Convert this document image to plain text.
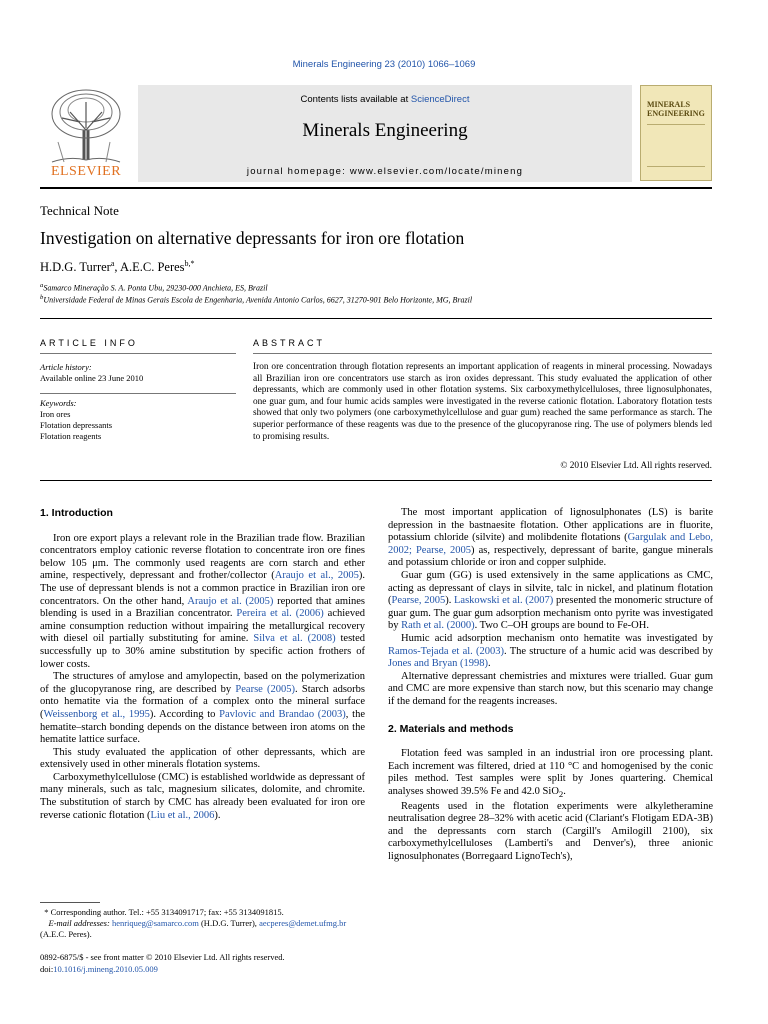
Minerals Engineering 23 (2010) 1066–1069
ELSEVIER
Contents lists available at ScienceDirect
Minerals Engineering
journal homepage: www.elsevier.com/locate/mineng
MINERALS
ENGINEERING
Technical Note
Investigation on alternative depressants for iron ore flotation
H.D.G. Turrer$^a$, A.E.C. Peres$^{b,*}$
$^a$Samarco Mineração S. A. Ponta Ubu, 29230-000 Anchieta, ES, Brazil
$^b$Universidade Federal de Minas Gerais Escola de Engenharia, Avenida Antonio Carlos, 6627, 31270-901 Belo Horizonte, MG, Brazil
ARTICLE INFO
Article history:
Available online 23 June 2010
Keywords:
Iron ores
Flotation depressants
Flotation reagents
ABSTRACT
Iron ore concentration through flotation represents an important application of reagents in mineral processing. Nowadays all Brazilian iron ore concentrators use starch as iron oxides depressant. This study evaluated the application of other depressants, which are commonly used in other flotation systems. Six carboxymethylcelluloses, three lignosulphonates, one guar gum, and four humic acids samples were investigated in the reverse cationic flotation. Laboratory flotation tests showed that only two polymers (one carboxymethylcellulose and guar gum) reached the same performance as starch. The superior performance of these reagents was due to the presence of the glucopyranose ring. The use of polymers blends led to promising results.
© 2010 Elsevier Ltd. All rights reserved.
1. Introduction

Iron ore export plays a relevant role in the Brazilian trade flow. Brazilian concentrators employ cationic reverse flotation to concentrate iron ore fines below 105 μm. The commonly used reagents are corn starch and ether amine, respectively, depressant and frother/collector (Araujo et al., 2005). The use of depressant blends is not a common practice in Brazilian iron ore concentrators. On the other hand, Araujo et al. (2005) reported that amines blending is used in a Brazilian concentrator. Pereira et al. (2006) achieved amine consumption reduction without impairing the metallurgical recovery with diesel oil partially substituting for amine. Silva et al. (2008) tested successfully up to 30% amine substitution by specific action frothers of lower costs.

The structures of amylose and amylopectin, based on the polymerization of the glucopyranose ring, are described by Pearse (2005). Starch adsorbs onto hematite via the formation of a complex onto the mineral surface (Weissenborg et al., 1995). According to Pavlovic and Brandao (2003), the hematite–starch bonding depends on the distance between iron atoms on the hematite lattice surface.

This study evaluated the application of other depressants, which are extensively used in other minerals flotation systems.

Carboxymethylcellulose (CMC) is established worldwide as depressant of many minerals, such as talc, magnesium silicates, dolomite, and chromite. The substitution of starch by CMC has already been evaluated for iron ore reverse cationic flotation (Liu et al., 2006).

* Corresponding author. Tel.: +55 3134091717; fax: +55 3134091815.
E-mail addresses: henriqueg@samarco.com (H.D.G. Turrer), aecperes@demet.ufmg.br (A.E.C. Peres).
0892-6875/$ - see front matter © 2010 Elsevier Ltd. All rights reserved.
doi:10.1016/j.mineng.2010.05.009

The most important application of lignosulphonates (LS) is barite depression in the bastnaesite flotation. Other applications are in fluorite, potassium chloride (silvite) and molibdenite flotations (Gargulak and Lebo, 2002; Pearse, 2005) as, respectively, depressant of barite, gangue minerals and potassium chloride or iron and copper sulphide.

Guar gum (GG) is used extensively in the same applications as CMC, acting as depressant of clays in silvite, talc in nickel, and platinum flotation (Pearse, 2005). Laskowski et al. (2007) presented the monomeric structure of guar gum. The guar gum adsorption mechanism onto pyrite was investigated by Rath et al. (2000). Two C–OH groups are bound to Fe-OH.

Humic acid adsorption mechanism onto hematite was investigated by Ramos-Tejada et al. (2003). The structure of a humic acid was described by Jones and Bryan (1998).

Alternative depressant chemistries and mixtures were trialled. Guar gum and CMC are more expensive than starch now, but this scenario may change if the demand for the reagents increases.

2. Materials and methods

Flotation feed was sampled in an industrial iron ore processing plant. Each increment was filtered, dried at 110 °C and homogenised by the conic piles method. Test samples were split by Jones quartering. Chemical analyses showed 39.5% Fe and 42.0 SiO$_2$.

Reagents used in the flotation experiments were alkyletheramine neutralisation degree 28–32% with acetic acid (Clariant's Flotigam EDA-3B) and the depressants corn starch (Cargill's Amilogill 2100), six carboxymethylcelluloses (Lamberti's and Denver's), three anionic lignosulphonates (Borregaard LignoTech's),
